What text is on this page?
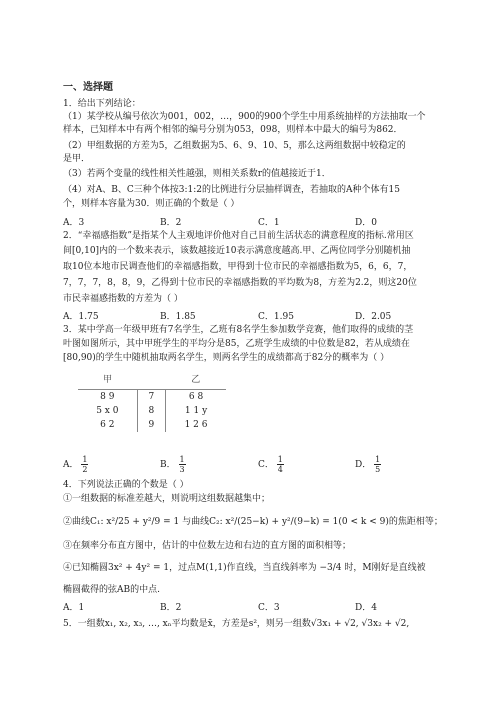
一、选择题
1．给出下列结论：
（1）某学校从编号依次为001，002，…，900的900个学生中用系统抽样的方法抽取一个
样本，已知样本中有两个相邻的编号分别为053，098，则样本中最大的编号为862．
（2）甲组数据的方差为5，乙组数据为5、6、9、10、5，那么这两组数据中较稳定的
是甲．
（3）若两个变量的线性相关性越强，则相关系数r的值越接近于1．
（4）对A、B、C三种个体按3:1:2的比例进行分层抽样调查，若抽取的A种个体有15
个，则样本容量为30．则正确的个数是（ ）
A．3	B．2	C．1	D．0
2．“幸福感指数”是指某个人主观地评价他对自己目前生活状态的满意程度的指标.常用区
间[0,10]内的一个数来表示，该数越接近10表示满意度越高.甲、乙两位同学分别随机抽
取10位本地市民调查他们的幸福感指数，甲得到十位市民的幸福感指数为5，6，6，7，
7，7，7，8，8，9，乙得到十位市民的幸福感指数的平均数为8，方差为2.2，则这20位
市民幸福感指数的方差为（ ）
A．1.75	B．1.85	C．1.95	D．2.05
3．某中学高一年级甲班有7名学生，乙班有8名学生参加数学竞赛，他们取得的成绩的茎
叶图如图所示，其中甲班学生的平均分是85，乙班学生成绩的中位数是82，若从成绩在
[80,90)的学生中随机抽取两名学生，则两名学生的成绩都高于82分的概率为（ ）
甲		乙
8 9	7	6 8
5 x 0	8	1 1 y
6 2	9	1 2 6
A． $\frac{1}{2}$	B． $\frac{1}{3}$	C． $\frac{1}{4}$	D． $\frac{1}{5}$
4．下列说法正确的个数是（ ）
①一组数据的标准差越大，则说明这组数据越集中；
②曲线C₁: x²/25 + y²/9 = 1 与曲线C₂: x²/(25−k) + y²/(9−k) = 1(0 < k < 9)的焦距相等；
③在频率分布直方图中，估计的中位数左边和右边的直方图的面积相等；
④已知椭圆3x² + 4y² = 1，过点M(1,1)作直线，当直线斜率为 −3/4 时，M刚好是直线被
椭圆截得的弦AB的中点.
A．1	B．2	C．3	D．4
5．一组数x₁, x₂, x₃, …, xₙ平均数是x̄，方差是s²，则另一组数√3x₁ + √2, √3x₂ + √2,
